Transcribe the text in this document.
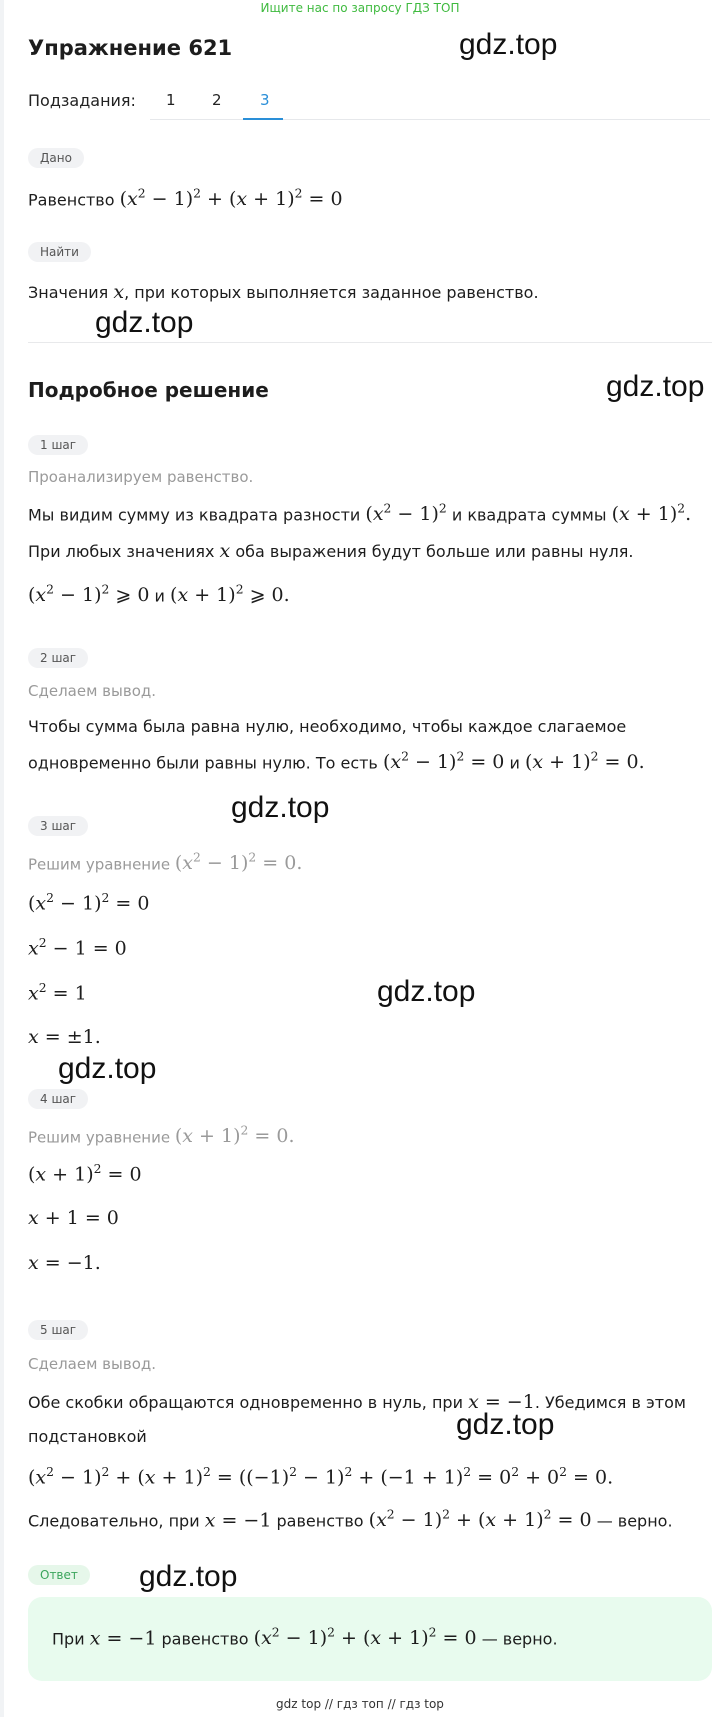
Ищите нас по запросу ГДЗ ТОП
Упражнение 621	gdz.top
gdz.top
gdz.top
gdz.top
gdz.top
gdz.top
gdz.top
gdz.top
Подзадания: 1 2	3
Дано
Равенство $(x^2 - 1)^2 + (x + 1)^2 = 0$
Найти
Значения x, при которых выполняется заданное равенство.
Подробное решение
1 шаг
Проанализируем равенство.
Мы видим сумму из квадрата разности $(x^2 - 1)^2$ и квадрата суммы $(x + 1)^2$.
При любых значениях x оба выражения будут больше или равны нуля.
$(x^2 - 1)^2$ ⩾ 0 и $(x + 1)^2$ ⩾ 0.
2 шаг
Сделаем вывод.
Чтобы сумма была равна нулю, необходимо, чтобы каждое слагаемое
одновременно были равны нулю. То есть $(x^2 - 1)^2 = 0$ и $(x + 1)^2 = 0$.
3 шаг
Решим уравнение $(x^2 - 1)^2 = 0$.
$(x^2 - 1)^2 = 0$
$x^2 - 1 = 0$
$x^2 = 1$
x = ±1.
4 шаг
Решим уравнение $(x + 1)^2 = 0$.
$(x + 1)^2 = 0$
x + 1 = 0
x = −1.
5 шаг
Сделаем вывод.
Обе скобки обращаются одновременно в нуль, при x = −1. Убедимся в этом
подстановкой
$(x^2 - 1)^2 + (x + 1)^2 = ((-1)^2 - 1)^2 + (-1 + 1)^2 = 0^2 + 0^2 = 0$.
Следовательно, при x = −1 равенство $(x^2 - 1)^2 + (x + 1)^2 = 0$ — верно.
Ответ
При x = −1 равенство $(x^2 - 1)^2 + (x + 1)^2 = 0$ — верно.
gdz top // гдз топ // гдз top
